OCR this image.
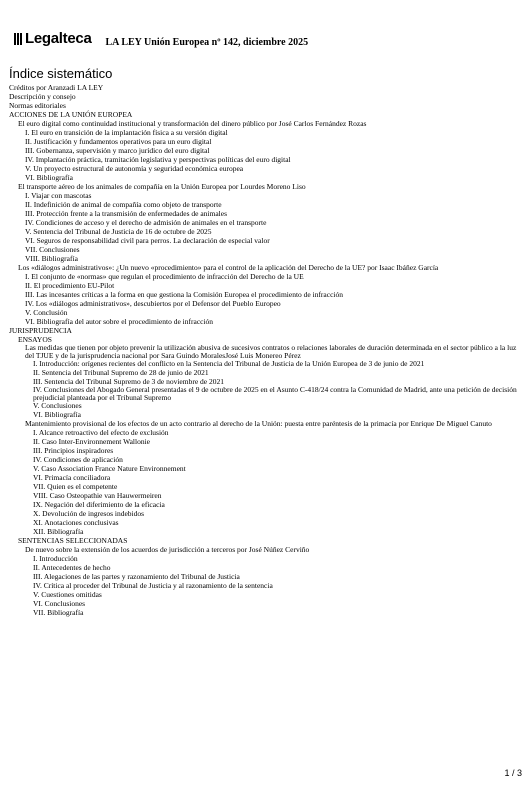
Legalteca LA LEY Unión Europea nº 142, diciembre 2025
Índice sistemático

Créditos por Aranzadi LA LEY

Descripción y consejo

Normas editoriales

ACCIONES DE LA UNIÓN EUROPEA

El euro digital como continuidad institucional y transformación del dinero público por José Carlos Fernández Rozas

I. El euro en transición de la implantación física a su versión digital

II. Justificación y fundamentos operativos para un euro digital

III. Gobernanza, supervisión y marco jurídico del euro digital

IV. Implantación práctica, tramitación legislativa y perspectivas políticas del euro digital

V. Un proyecto estructural de autonomía y seguridad económica europea

VI. Bibliografía

El transporte aéreo de los animales de compañía en la Unión Europea por Lourdes Moreno Liso

I. Viajar con mascotas

II. Indefinición de animal de compañía como objeto de transporte

III. Protección frente a la transmisión de enfermedades de animales

IV. Condiciones de acceso y el derecho de admisión de animales en el transporte

V. Sentencia del Tribunal de Justicia de 16 de octubre de 2025

VI. Seguros de responsabilidad civil para perros. La declaración de especial valor

VII. Conclusiones

VIII. Bibliografía

Los «diálogos administrativos»: ¿Un nuevo «procedimiento» para el control de la aplicación del Derecho de la UE? por Isaac Ibáñez García

I. El conjunto de «normas» que regulan el procedimiento de infracción del Derecho de la UE

II. El procedimiento EU-Pilot

III. Las incesantes críticas a la forma en que gestiona la Comisión Europea el procedimiento de infracción

IV. Los «diálogos administrativos», descubiertos por el Defensor del Pueblo Europeo

V. Conclusión

VI. Bibliografía del autor sobre el procedimiento de infracción

JURISPRUDENCIA

ENSAYOS

Las medidas que tienen por objeto prevenir la utilización abusiva de sucesivos contratos o relaciones laborales de duración determinada en el sector público a la luz del TJUE y de la jurisprudencia nacional por Sara Guindo MoralesJosé Luis Monereo Pérez

I. Introducción: orígenes recientes del conflicto en la Sentencia del Tribunal de Justicia de la Unión Europea de 3 de junio de 2021

II. Sentencia del Tribunal Supremo de 28 de junio de 2021

III. Sentencia del Tribunal Supremo de 3 de noviembre de 2021

IV. Conclusiones del Abogado General presentadas el 9 de octubre de 2025 en el Asunto C-418/24 contra la Comunidad de Madrid, ante una petición de decisión prejudicial planteada por el Tribunal Supremo

V. Conclusiones

VI. Bibliografía

Mantenimiento provisional de los efectos de un acto contrario al derecho de la Unión: puesta entre paréntesis de la primacía por Enrique De Miguel Canuto

I. Alcance retroactivo del efecto de exclusión

II. Caso Inter-Environnement Wallonie

III. Principios inspiradores

IV. Condiciones de aplicación

V. Caso Association France Nature Environnement

VI. Primacía conciliadora

VII. Quien es el competente

VIII. Caso Osteopathie van Hauwermeiren

IX. Negación del diferimiento de la eficacia

X. Devolución de ingresos indebidos

XI. Anotaciones conclusivas

XII. Bibliografía

SENTENCIAS SELECCIONADAS

De nuevo sobre la extensión de los acuerdos de jurisdicción a terceros por José Núñez Cerviño

I. Introducción

II. Antecedentes de hecho

III. Alegaciones de las partes y razonamiento del Tribunal de Justicia

IV. Crítica al proceder del Tribunal de Justicia y al razonamiento de la sentencia

V. Cuestiones omitidas

VI. Conclusiones

VII. Bibliografía

1 / 3
